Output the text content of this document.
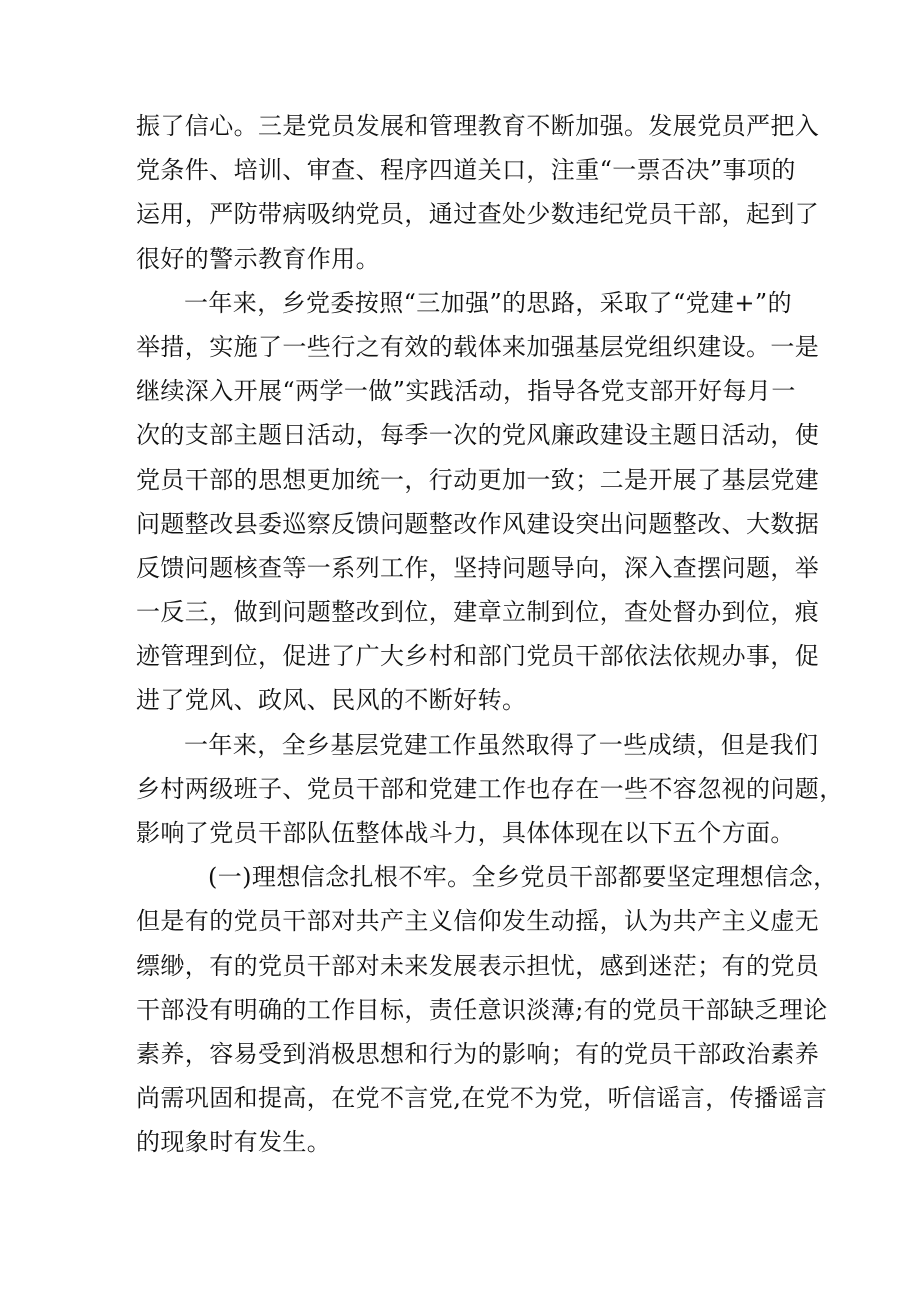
振了信心。三是党员发展和管理教育不断加强。发展党员严把入
党条件、培训、审查、程序四道关口，注重“一票否决”事项的
运用，严防带病吸纳党员，通过查处少数违纪党员干部，起到了
很好的警示教育作用。
一年来，乡党委按照“三加强”的思路，采取了“党建+”的
举措，实施了一些行之有效的载体来加强基层党组织建设。一是
继续深入开展“两学一做”实践活动，指导各党支部开好每月一
次的支部主题日活动，每季一次的党风廉政建设主题日活动，使
党员干部的思想更加统一，行动更加一致；二是开展了基层党建
问题整改县委巡察反馈问题整改作风建设突出问题整改、大数据
反馈问题核查等一系列工作，坚持问题导向，深入查摆问题，举
一反三，做到问题整改到位，建章立制到位，查处督办到位，痕
迹管理到位，促进了广大乡村和部门党员干部依法依规办事，促
进了党风、政风、民风的不断好转。
一年来，全乡基层党建工作虽然取得了一些成绩，但是我们
乡村两级班子、党员干部和党建工作也存在一些不容忽视的问题，
影响了党员干部队伍整体战斗力，具体体现在以下五个方面。
(一)理想信念扎根不牢。全乡党员干部都要坚定理想信念，
但是有的党员干部对共产主义信仰发生动摇，认为共产主义虚无
缥缈，有的党员干部对未来发展表示担忧，感到迷茫；有的党员
干部没有明确的工作目标，责任意识淡薄;有的党员干部缺乏理论
素养，容易受到消极思想和行为的影响；有的党员干部政治素养
尚需巩固和提高，在党不言党,在党不为党，听信谣言，传播谣言
的现象时有发生。
